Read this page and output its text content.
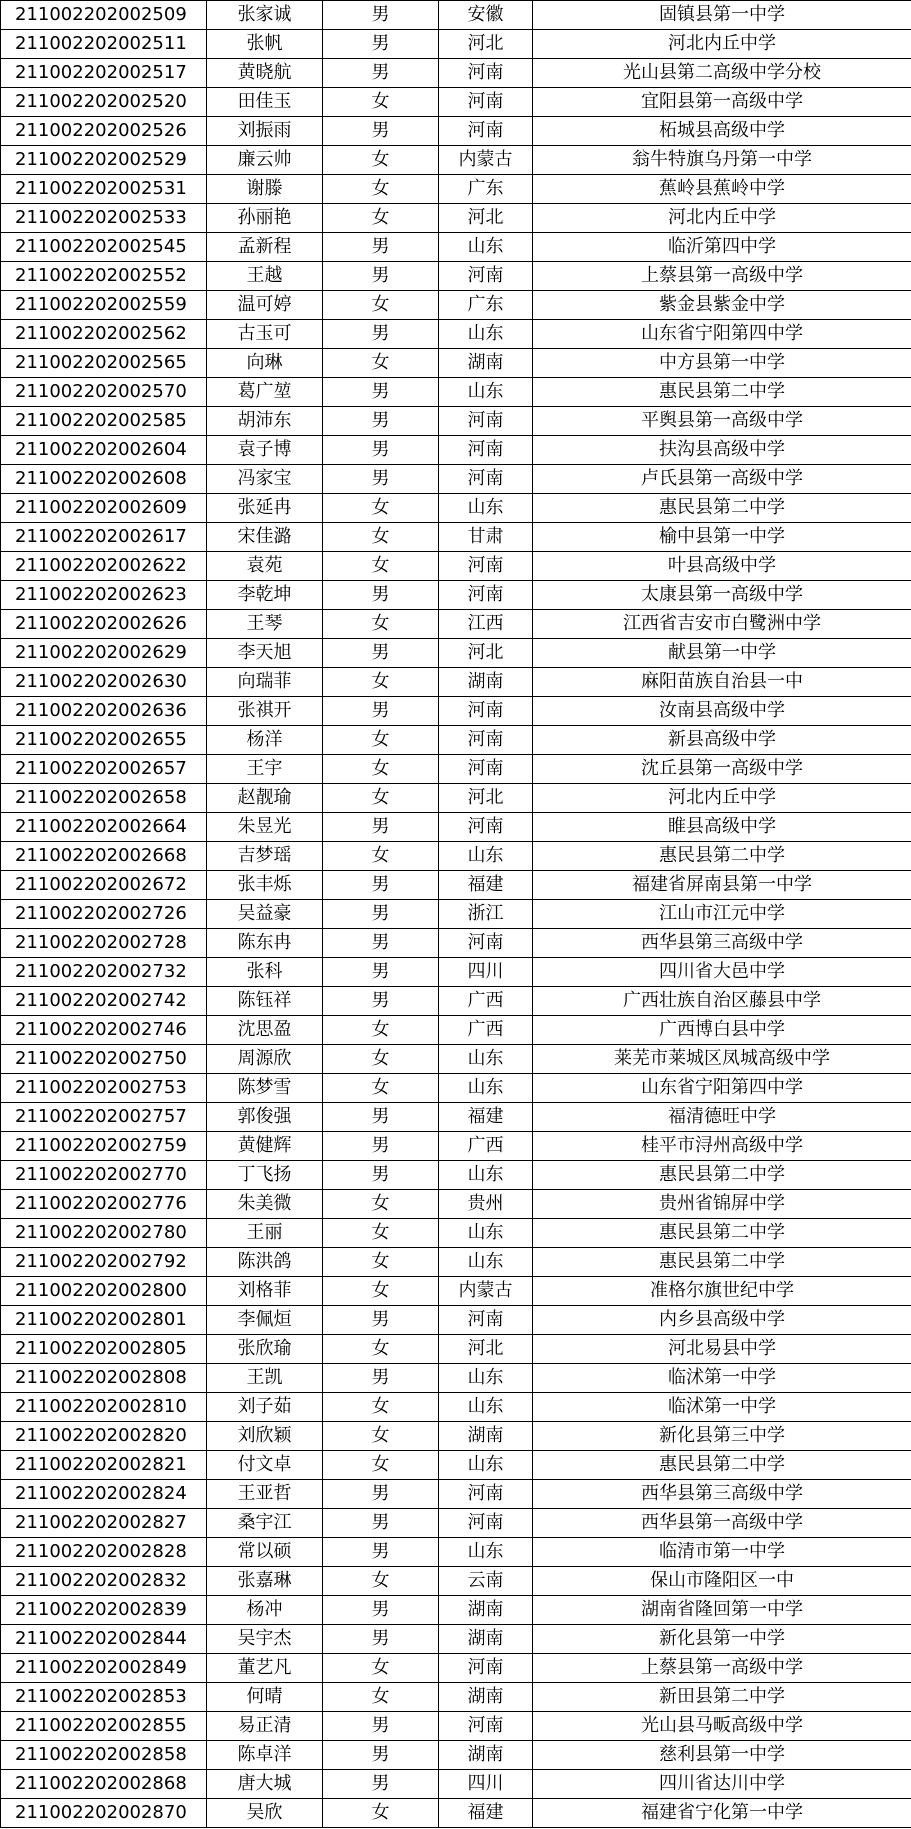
211002202002509	张家诚	男	安徽	固镇县第一中学
211002202002511	张帆	男	河北	河北内丘中学
211002202002517	黄晓航	男	河南	光山县第二高级中学分校
211002202002520	田佳玉	女	河南	宜阳县第一高级中学
211002202002526	刘振雨	男	河南	柘城县高级中学
211002202002529	廉云帅	女	内蒙古	翁牛特旗乌丹第一中学
211002202002531	谢滕	女	广东	蕉岭县蕉岭中学
211002202002533	孙丽艳	女	河北	河北内丘中学
211002202002545	孟新程	男	山东	临沂第四中学
211002202002552	王越	男	河南	上蔡县第一高级中学
211002202002559	温可婷	女	广东	紫金县紫金中学
211002202002562	古玉可	男	山东	山东省宁阳第四中学
211002202002565	向琳	女	湖南	中方县第一中学
211002202002570	葛广堃	男	山东	惠民县第二中学
211002202002585	胡沛东	男	河南	平舆县第一高级中学
211002202002604	袁子博	男	河南	扶沟县高级中学
211002202002608	冯家宝	男	河南	卢氏县第一高级中学
211002202002609	张延冉	女	山东	惠民县第二中学
211002202002617	宋佳潞	女	甘肃	榆中县第一中学
211002202002622	袁苑	女	河南	叶县高级中学
211002202002623	李乾坤	男	河南	太康县第一高级中学
211002202002626	王琴	女	江西	江西省吉安市白鹭洲中学
211002202002629	李天旭	男	河北	献县第一中学
211002202002630	向瑞菲	女	湖南	麻阳苗族自治县一中
211002202002636	张祺开	男	河南	汝南县高级中学
211002202002655	杨洋	女	河南	新县高级中学
211002202002657	王宇	女	河南	沈丘县第一高级中学
211002202002658	赵靓瑜	女	河北	河北内丘中学
211002202002664	朱昱光	男	河南	睢县高级中学
211002202002668	吉梦瑶	女	山东	惠民县第二中学
211002202002672	张丰烁	男	福建	福建省屏南县第一中学
211002202002726	吴益豪	男	浙江	江山市江元中学
211002202002728	陈东冉	男	河南	西华县第三高级中学
211002202002732	张科	男	四川	四川省大邑中学
211002202002742	陈钰祥	男	广西	广西壮族自治区藤县中学
211002202002746	沈思盈	女	广西	广西博白县中学
211002202002750	周源欣	女	山东	莱芜市莱城区凤城高级中学
211002202002753	陈梦雪	女	山东	山东省宁阳第四中学
211002202002757	郭俊强	男	福建	福清德旺中学
211002202002759	黄健辉	男	广西	桂平市浔州高级中学
211002202002770	丁飞扬	男	山东	惠民县第二中学
211002202002776	朱美微	女	贵州	贵州省锦屏中学
211002202002780	王丽	女	山东	惠民县第二中学
211002202002792	陈洪鸽	女	山东	惠民县第二中学
211002202002800	刘格菲	女	内蒙古	准格尔旗世纪中学
211002202002801	李佩烜	男	河南	内乡县高级中学
211002202002805	张欣瑜	女	河北	河北易县中学
211002202002808	王凯	男	山东	临沭第一中学
211002202002810	刘子茹	女	山东	临沭第一中学
211002202002820	刘欣颖	女	湖南	新化县第三中学
211002202002821	付文卓	女	山东	惠民县第二中学
211002202002824	王亚哲	男	河南	西华县第三高级中学
211002202002827	桑宇江	男	河南	西华县第一高级中学
211002202002828	常以硕	男	山东	临清市第一中学
211002202002832	张嘉琳	女	云南	保山市隆阳区一中
211002202002839	杨冲	男	湖南	湖南省隆回第一中学
211002202002844	吴宇杰	男	湖南	新化县第一中学
211002202002849	董艺凡	女	河南	上蔡县第一高级中学
211002202002853	何晴	女	湖南	新田县第二中学
211002202002855	易正清	男	河南	光山县马畈高级中学
211002202002858	陈卓洋	男	湖南	慈利县第一中学
211002202002868	唐大城	男	四川	四川省达川中学
211002202002870	吴欣	女	福建	福建省宁化第一中学
